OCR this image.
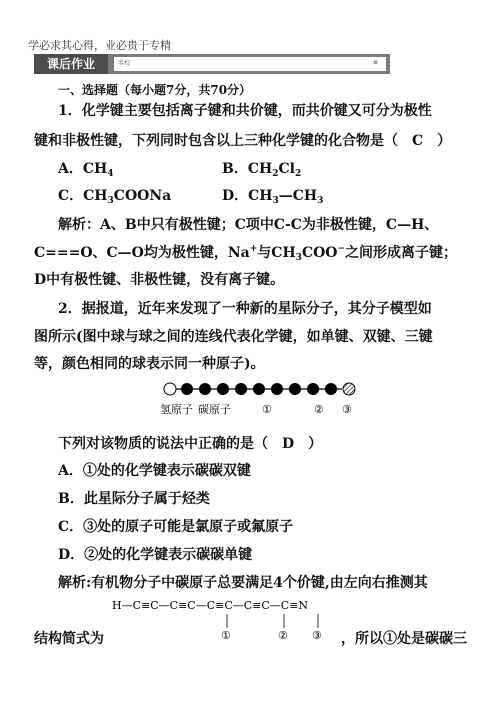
学必求其心得，业必贵于专精
课后作业	名校	▪
一、选择题（每小题7分，共70分）
1．化学键主要包括离子键和共价键，而共价键又可分为极性
键和非极性键，下列同时包含以上三种化学键的化合物是（　C　）
A．$CH_4$	B．$CH_2Cl_2$
C．$CH_3COONa$	D．$CH_3—CH_3$
解析：A、B中只有极性键；C项中C-C为非极性键，C—H、
C===O、C—O均为极性键，Na+与$CH_3COO^-$之间形成离子键；
D中有极性键、非极性键，没有离子键。
2．据报道，近年来发现了一种新的星际分子，其分子模型如
图所示(图中球与球之间的连线代表化学键，如单键、双键、三键
等，颜色相同的球表示同一种原子)。
氢原子 碳原子	①	② ③
下列对该物质的说法中正确的是（　D　）
A．①处的化学键表示碳碳双键
B．此星际分子属于烃类
C．③处的原子可能是氯原子或氟原子
D．②处的化学键表示碳碳单键
解析:有机物分子中碳原子总要满足4个价键,由左向右推测其
H—C≡C—C≡C—C≡C—C≡C—C≡N
①	② ③
结构简式为	，所以①处是碳碳三
